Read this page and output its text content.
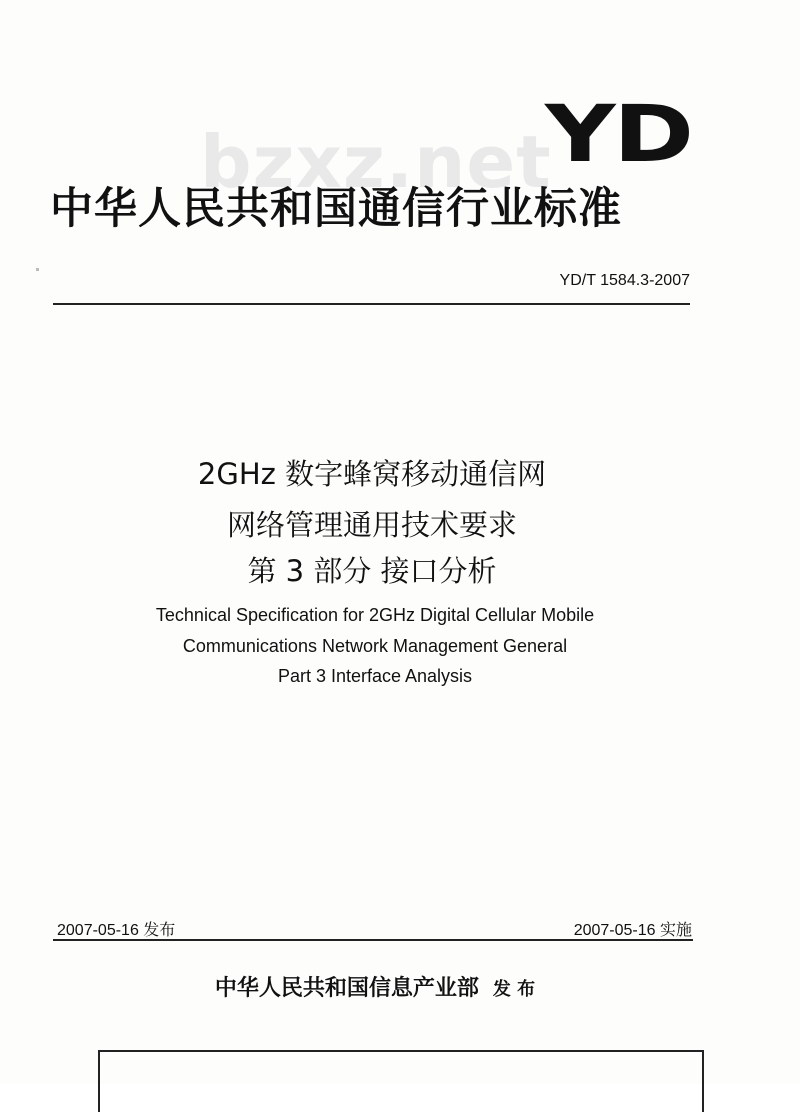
bzxz.net
YD
中华人民共和国通信行业标准
YD/T 1584.3-2007
2GHz 数字蜂窝移动通信网
网络管理通用技术要求
第 3 部分 接口分析
Technical Specification for 2GHz Digital Cellular Mobile
Communications Network Management General
Part 3 Interface Analysis
2007-05-16 发布	2007-05-16 实施
中华人民共和国信息产业部 发 布
